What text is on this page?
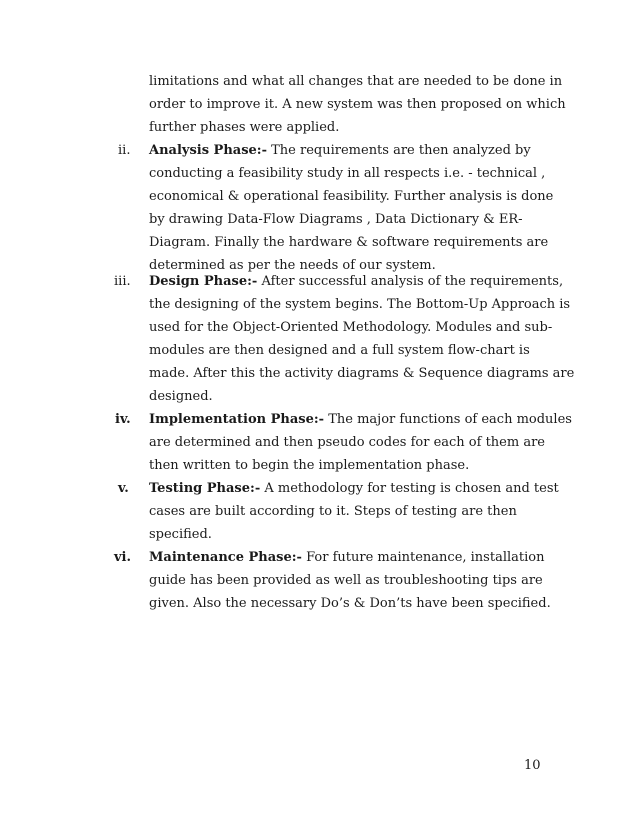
limitations and what all changes that are needed to be done in
order to improve it. A new system was then proposed on which
further phases were applied.
ii. Analysis Phase:- The requirements are then analyzed by
conducting a feasibility study in all respects i.e. - technical ,
economical & operational feasibility. Further analysis is done
by drawing Data-Flow Diagrams , Data Dictionary & ER-
Diagram. Finally the hardware & software requirements are
determined as per the needs of our system.
iii. Design Phase:- After successful analysis of the requirements,
the designing of the system begins. The Bottom-Up Approach is
used for the Object-Oriented Methodology. Modules and sub-
modules are then designed and a full system flow-chart is
made. After this the activity diagrams & Sequence diagrams are
designed.
iv. Implementation Phase:- The major functions of each modules
are determined and then pseudo codes for each of them are
then written to begin the implementation phase.
v. Testing Phase:- A methodology for testing is chosen and test
cases are built according to it. Steps of testing are then
specified.
vi. Maintenance Phase:- For future maintenance, installation
guide has been provided as well as troubleshooting tips are
given. Also the necessary Do’s & Don’ts have been specified.
10
